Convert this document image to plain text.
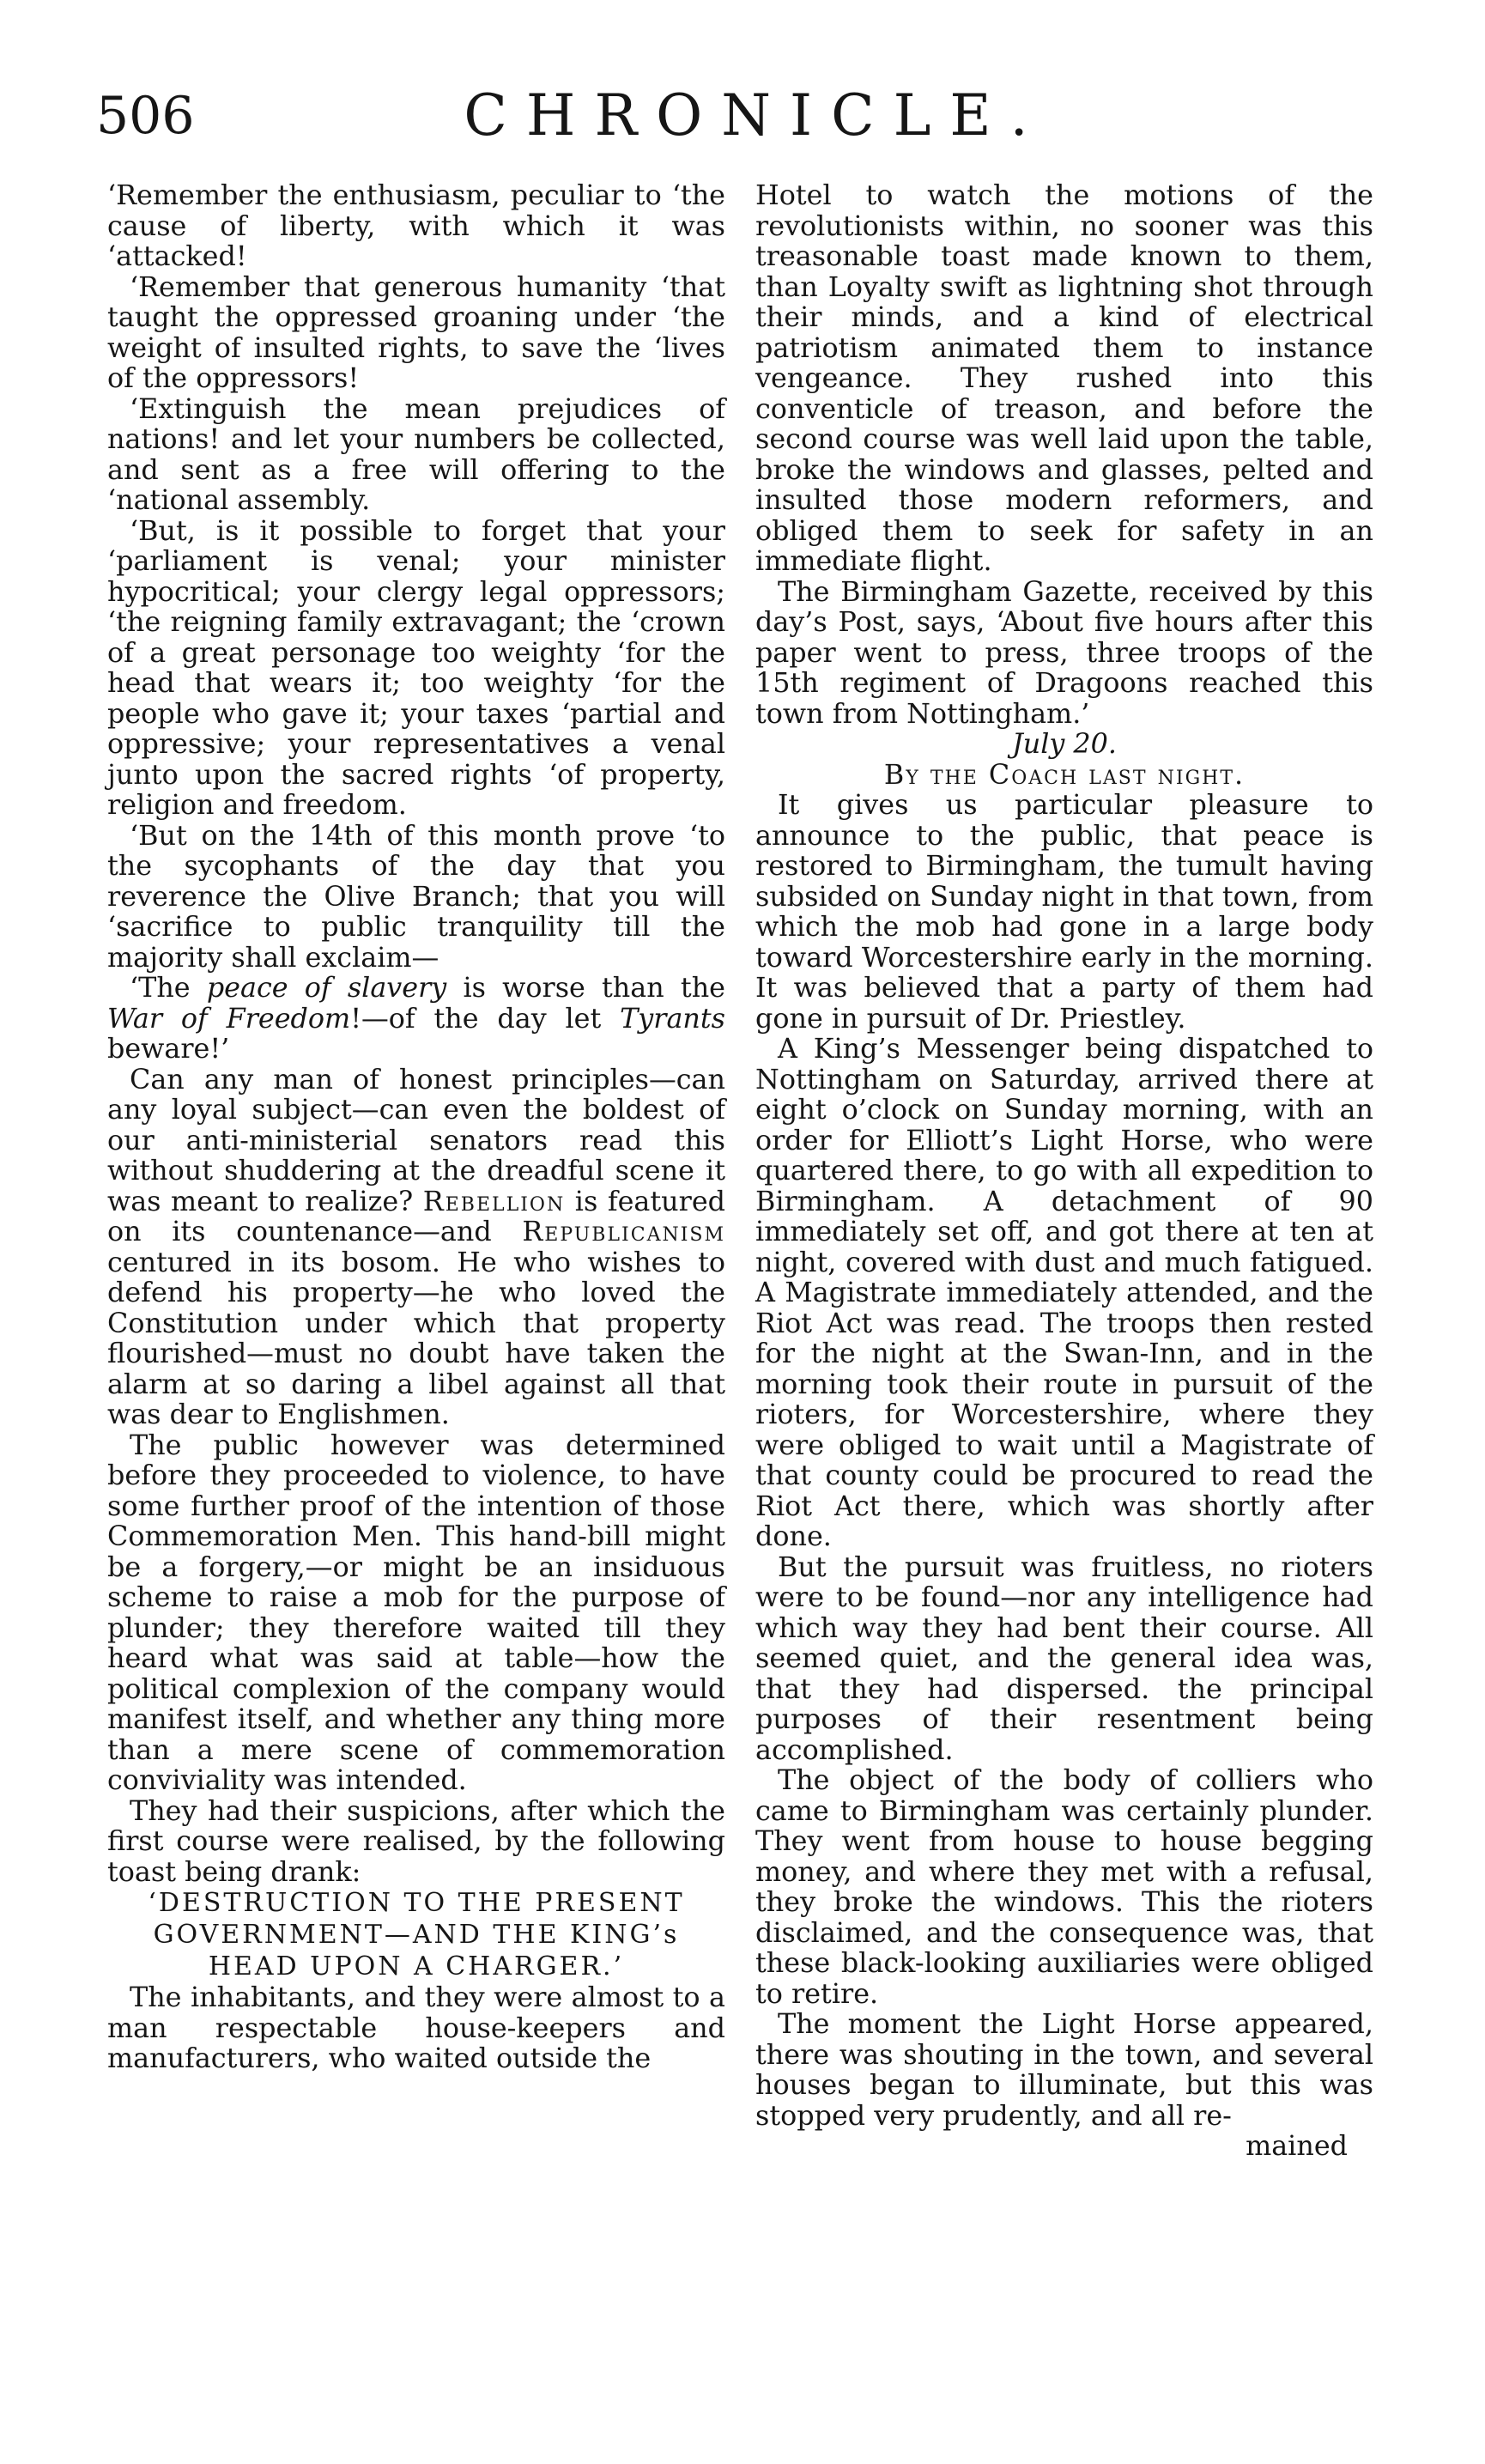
506	CHRONICLE.

‘Remember the enthusiasm, peculiar to ‘the cause of liberty, with which it was ‘attacked!

‘Remember that generous humanity ‘that taught the oppressed groaning under ‘the weight of insulted rights, to save the ‘lives of the oppressors!

‘Extinguish the mean prejudices of nations! and let your numbers be collected, and sent as a free will offering to the ‘national assembly.

‘But, is it possible to forget that your ‘parliament is venal; your minister hypocritical; your clergy legal oppressors; ‘the reigning family extravagant; the ‘crown of a great personage too weighty ‘for the head that wears it; too weighty ‘for the people who gave it; your taxes ‘partial and oppressive; your representatives a venal junto upon the sacred rights ‘of property, religion and freedom.

‘But on the 14th of this month prove ‘to the sycophants of the day that you reverence the Olive Branch; that you will ‘sacrifice to public tranquility till the majority shall exclaim—

‘The peace of slavery is worse than the War of Freedom!—of the day let Tyrants beware!’

Can any man of honest principles—can any loyal subject—can even the boldest of our anti-ministerial senators read this without shuddering at the dreadful scene it was meant to realize? Rebellion is featured on its countenance—and Republicanism centured in its bosom. He who wishes to defend his property—he who loved the Constitution under which that property flourished—must no doubt have taken the alarm at so daring a libel against all that was dear to Englishmen.

The public however was determined before they proceeded to violence, to have some further proof of the intention of those Commemoration Men. This hand-bill might be a forgery,—or might be an insiduous scheme to raise a mob for the purpose of plunder; they therefore waited till they heard what was said at table—how the political complexion of the company would manifest itself, and whether any thing more than a mere scene of commemoration conviviality was intended.

They had their suspicions, after which the first course were realised, by the following toast being drank:

‘DESTRUCTION TO THE PRESENT GOVERNMENT—AND THE KING’s HEAD UPON A CHARGER.’

The inhabitants, and they were almost to a man respectable house-keepers and manufacturers, who waited outside the

Hotel to watch the motions of the revolutionists within, no sooner was this treasonable toast made known to them, than Loyalty swift as lightning shot through their minds, and a kind of electrical patriotism animated them to instance vengeance. They rushed into this conventicle of treason, and before the second course was well laid upon the table, broke the windows and glasses, pelted and insulted those modern reformers, and obliged them to seek for safety in an immediate flight.

The Birmingham Gazette, received by this day’s Post, says, ‘About five hours after this paper went to press, three troops of the 15th regiment of Dragoons reached this town from Nottingham.’

July 20.

By the Coach last night.

It gives us particular pleasure to announce to the public, that peace is restored to Birmingham, the tumult having subsided on Sunday night in that town, from which the mob had gone in a large body toward Worcestershire early in the morning. It was believed that a party of them had gone in pursuit of Dr. Priestley.

A King’s Messenger being dispatched to Nottingham on Saturday, arrived there at eight o’clock on Sunday morning, with an order for Elliott’s Light Horse, who were quartered there, to go with all expedition to Birmingham. A detachment of 90 immediately set off, and got there at ten at night, covered with dust and much fatigued. A Magistrate immediately attended, and the Riot Act was read. The troops then rested for the night at the Swan-Inn, and in the morning took their route in pursuit of the rioters, for Worcestershire, where they were obliged to wait until a Magistrate of that county could be procured to read the Riot Act there, which was shortly after done.

But the pursuit was fruitless, no rioters were to be found—nor any intelligence had which way they had bent their course. All seemed quiet, and the general idea was, that they had dispersed. the principal purposes of their resentment being accomplished.

The object of the body of colliers who came to Birmingham was certainly plunder. They went from house to house begging money, and where they met with a refusal, they broke the windows. This the rioters disclaimed, and the consequence was, that these black-looking auxiliaries were obliged to retire.

The moment the Light Horse appeared, there was shouting in the town, and several houses began to illuminate, but this was stopped very prudently, and all re-

mained
